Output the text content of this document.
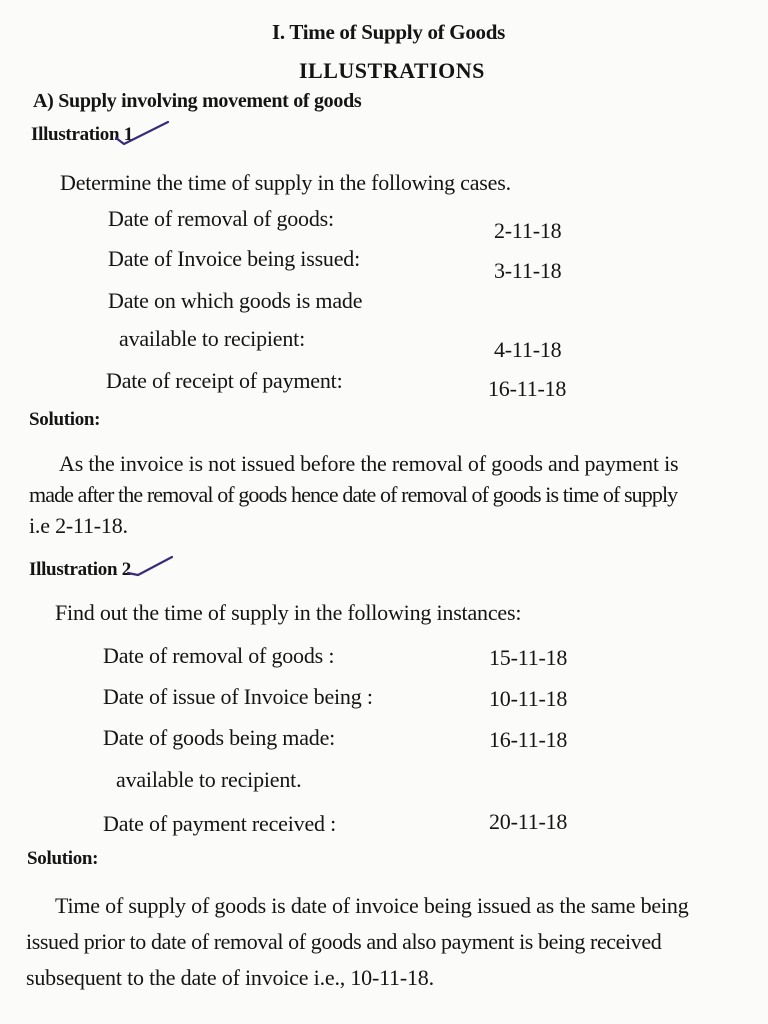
I. Time of Supply of Goods
ILLUSTRATIONS
A) Supply involving movement of goods
Illustration 1
Determine the time of supply in the following cases.
Date of removal of goods:	2-11-18
Date of Invoice being issued:	3-11-18
Date on which goods is made
available to recipient:	4-11-18
Date of receipt of payment:	16-11-18
Solution:
As the invoice is not issued before the removal of goods and payment is
made after the removal of goods hence date of removal of goods is time of supply
i.e 2-11-18.
Illustration 2
Find out the time of supply in the following instances:
Date of removal of goods :	15-11-18
Date of issue of Invoice being :	10-11-18
Date of goods being made:	16-11-18
available to recipient.
Date of payment received :	20-11-18
Solution:
Time of supply of goods is date of invoice being issued as the same being
issued prior to date of removal of goods and also payment is being received
subsequent to the date of invoice i.e., 10-11-18.
